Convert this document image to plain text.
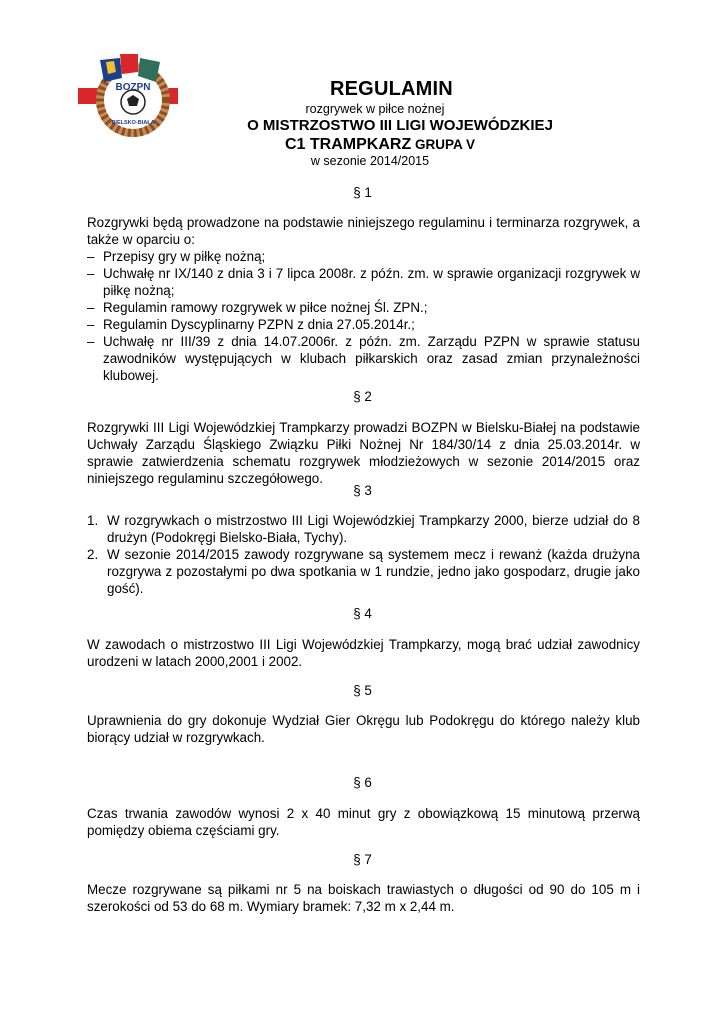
BOZPN
BIELSKO-BIAŁA
REGULAMIN
rozgrywek w piłce nożnej
O MISTRZOSTWO III LIGI WOJEWÓDZKIEJ
C1 TRAMPKARZ GRUPA V
w sezonie 2014/2015
§ 1
Rozgrywki będą prowadzone na podstawie niniejszego regulaminu i terminarza rozgrywek, a także w oparciu o:
– Przepisy gry w piłkę nożną;
– Uchwałę nr IX/140 z dnia 3 i 7 lipca 2008r. z późn. zm. w sprawie organizacji rozgrywek w piłkę nożną;
– Regulamin ramowy rozgrywek w piłce nożnej Śl. ZPN.;
– Regulamin Dyscyplinarny PZPN z dnia 27.05.2014r.;
– Uchwałę nr III/39 z dnia 14.07.2006r. z późn. zm. Zarządu PZPN w sprawie statusu zawodników występujących w klubach piłkarskich oraz zasad zmian przynależności klubowej.
§ 2
Rozgrywki III Ligi Wojewódzkiej Trampkarzy prowadzi BOZPN w Bielsku-Białej na podstawie Uchwały Zarządu Śląskiego Związku Piłki Nożnej Nr 184/30/14 z dnia 25.03.2014r. w sprawie zatwierdzenia schematu rozgrywek młodzieżowych w sezonie 2014/2015 oraz niniejszego regulaminu szczegółowego.
§ 3
1. W rozgrywkach o mistrzostwo III Ligi Wojewódzkiej Trampkarzy 2000, bierze udział do 8 drużyn (Podokręgi Bielsko-Biała, Tychy).
2. W sezonie 2014/2015 zawody rozgrywane są systemem mecz i rewanż (każda drużyna rozgrywa z pozostałymi po dwa spotkania w 1 rundzie, jedno jako gospodarz, drugie jako gość).
§ 4
W zawodach o mistrzostwo III Ligi Wojewódzkiej Trampkarzy, mogą brać udział zawodnicy urodzeni w latach 2000,2001 i 2002.
§ 5
Uprawnienia do gry dokonuje Wydział Gier Okręgu lub Podokręgu do którego należy klub biorący udział w rozgrywkach.
§ 6
Czas trwania zawodów wynosi 2 x 40 minut gry z obowiązkową 15 minutową przerwą pomiędzy obiema częściami gry.
§ 7
Mecze rozgrywane są piłkami nr 5 na boiskach trawiastych o długości od 90 do 105 m i szerokości od 53 do 68 m. Wymiary bramek: 7,32 m x 2,44 m.
